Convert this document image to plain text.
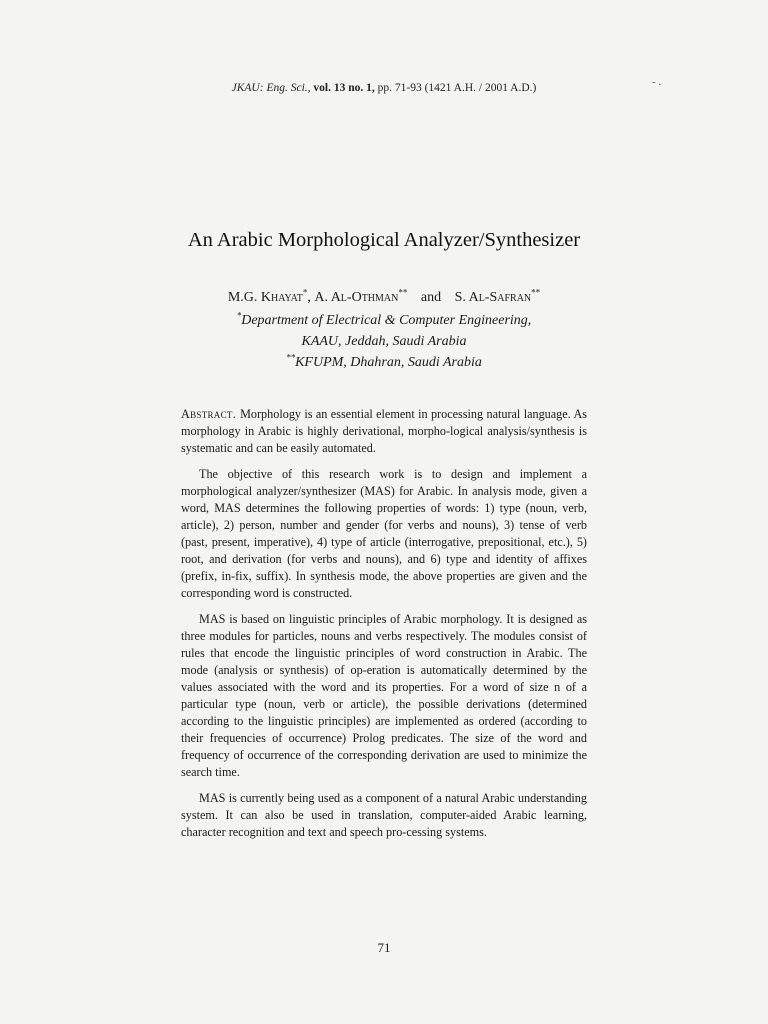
JKAU: Eng. Sci., vol. 13 no. 1, pp. 71-93 (1421 A.H. / 2001 A.D.)	- .
An Arabic Morphological Analyzer/Synthesizer
M.G. Khayat*, A. Al-Othman** and S. Al-Safran**
*Department of Electrical & Computer Engineering,
KAAU, Jeddah, Saudi Arabia
**KFUPM, Dhahran, Saudi Arabia

Abstract. Morphology is an essential element in processing natural language. As morphology in Arabic is highly derivational, morpho-logical analysis/synthesis is systematic and can be easily automated.

The objective of this research work is to design and implement a morphological analyzer/synthesizer (MAS) for Arabic. In analysis mode, given a word, MAS determines the following properties of words: 1) type (noun, verb, article), 2) person, number and gender (for verbs and nouns), 3) tense of verb (past, present, imperative), 4) type of article (interrogative, prepositional, etc.), 5) root, and derivation (for verbs and nouns), and 6) type and identity of affixes (prefix, in-fix, suffix). In synthesis mode, the above properties are given and the corresponding word is constructed.

MAS is based on linguistic principles of Arabic morphology. It is designed as three modules for particles, nouns and verbs respectively. The modules consist of rules that encode the linguistic principles of word construction in Arabic. The mode (analysis or synthesis) of op-eration is automatically determined by the values associated with the word and its properties. For a word of size n of a particular type (noun, verb or article), the possible derivations (determined according to the linguistic principles) are implemented as ordered (according to their frequencies of occurrence) Prolog predicates. The size of the word and frequency of occurrence of the corresponding derivation are used to minimize the search time.

MAS is currently being used as a component of a natural Arabic understanding system. It can also be used in translation, computer-aided Arabic learning, character recognition and text and speech pro-cessing systems.

71
